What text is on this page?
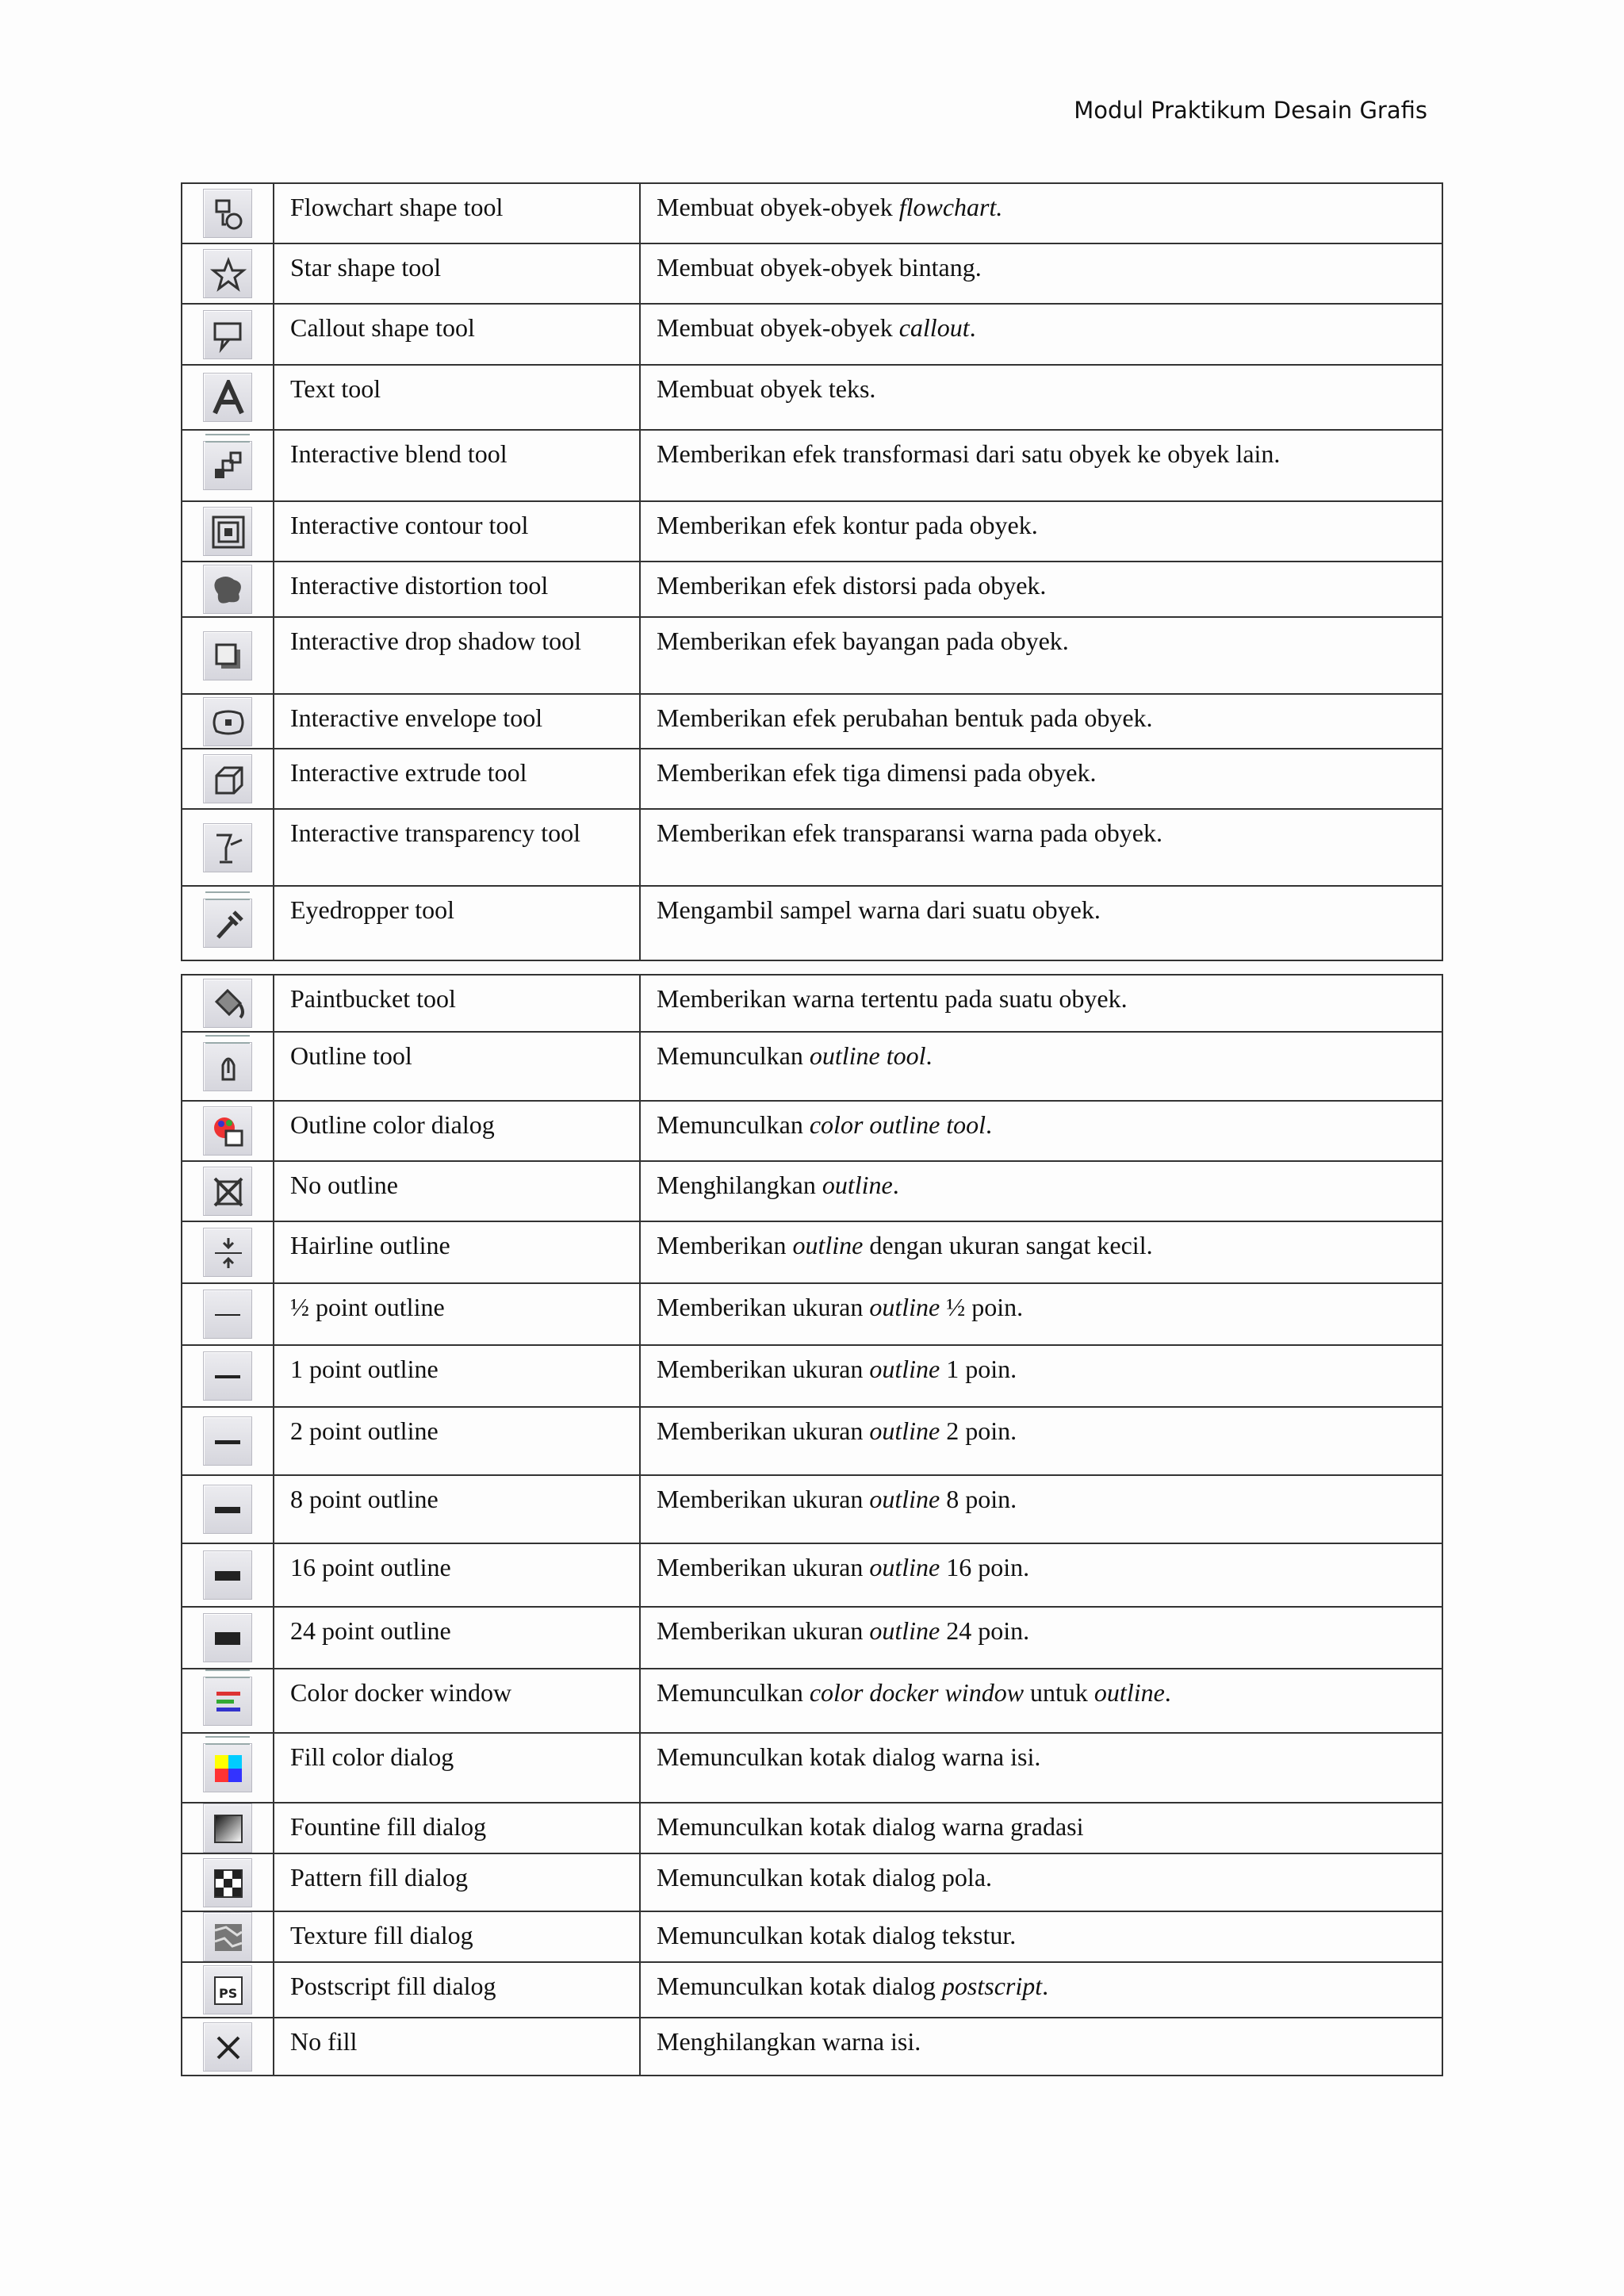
Modul Praktikum Desain Grafis
	Flowchart shape tool	Membuat obyek-obyek flowchart.

	Star shape tool	Membuat obyek-obyek bintang.

	Callout shape tool	Membuat obyek-obyek callout.

	Text tool	Membuat obyek teks.

	Interactive blend tool	Memberikan efek transformasi dari satu obyek ke obyek lain.

	Interactive contour tool	Memberikan efek kontur pada obyek.

	Interactive distortion tool	Memberikan efek distorsi pada obyek.

	Interactive drop shadow tool	Memberikan efek bayangan pada obyek.

	Interactive envelope tool	Memberikan efek perubahan bentuk pada obyek.

	Interactive extrude tool	Memberikan efek tiga dimensi pada obyek.

	Interactive transparency tool	Memberikan efek transparansi warna pada obyek.

	Eyedropper tool	Mengambil sampel warna dari suatu obyek.
	Paintbucket tool	Memberikan warna tertentu pada suatu obyek.

	Outline tool	Memunculkan outline tool.

	Outline color dialog	Memunculkan color outline tool.

	No outline	Menghilangkan outline.

	Hairline outline	Memberikan outline dengan ukuran sangat kecil.

	½ point outline	Memberikan ukuran outline ½ poin.

	1 point outline	Memberikan ukuran outline 1 poin.

	2 point outline	Memberikan ukuran outline 2 poin.

	8 point outline	Memberikan ukuran outline 8 poin.

	16 point outline	Memberikan ukuran outline 16 poin.

	24 point outline	Memberikan ukuran outline 24 poin.

	Color docker window	Memunculkan color docker window untuk outline.

	Fill color dialog	Memunculkan kotak dialog warna isi.

	Fountine fill dialog	Memunculkan kotak dialog warna gradasi

	Pattern fill dialog	Memunculkan kotak dialog pola.

	Texture fill dialog	Memunculkan kotak dialog tekstur.

PS	Postscript fill dialog	Memunculkan kotak dialog postscript.

	No fill	Menghilangkan warna isi.
